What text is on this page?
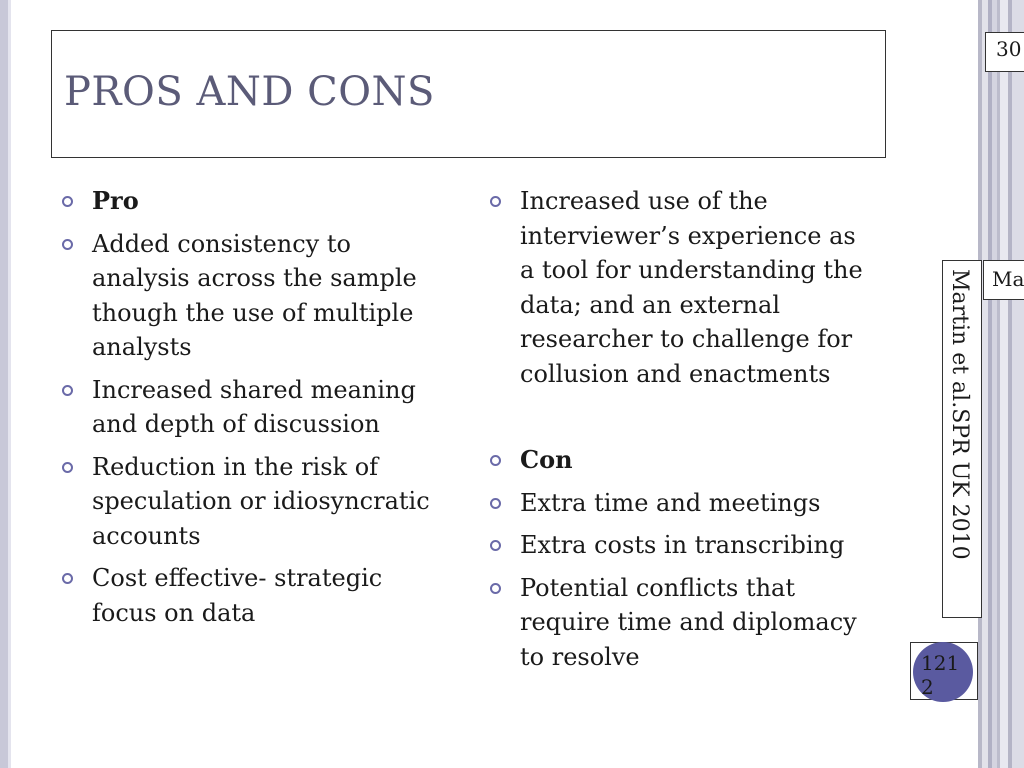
PROS AND CONS
30
Pro
Added consistency to analysis across the sample though the use of multiple analysts
Increased shared meaning and depth of discussion
Reduction in the risk of speculation or idiosyncratic accounts
Cost effective- strategic focus on data
Increased use of the interviewer’s experience as a tool for understanding the data; and an external researcher to challenge for collusion and enactments
Con
Extra time and meetings
Extra costs in transcribing
Potential conflicts that require time and diplomacy to resolve
Martin et al.SPR UK 2010	Ma
121 2
